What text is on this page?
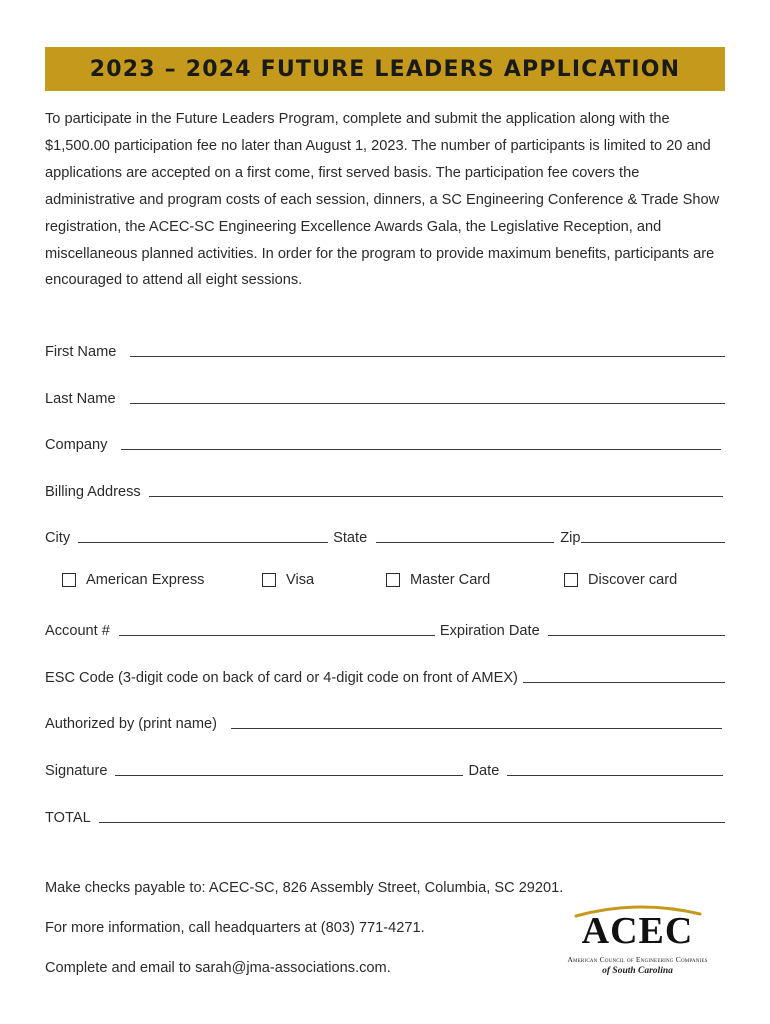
2023 – 2024 FUTURE LEADERS APPLICATION
To participate in the Future Leaders Program, complete and submit the application along with the $1,500.00 participation fee no later than August 1, 2023. The number of participants is limited to 20 and applications are accepted on a first come, first served basis. The participation fee covers the administrative and program costs of each session, dinners, a SC Engineering Conference & Trade Show registration, the ACEC-SC Engineering Excellence Awards Gala, the Legislative Reception, and miscellaneous planned activities. In order for the program to provide maximum benefits, participants are encouraged to attend all eight sessions.
First Name
Last Name
Company
Billing Address
City	State	Zip
American Express	Visa	Master Card	Discover card
Account #	Expiration Date
ESC Code (3-digit code on back of card or 4-digit code on front of AMEX)
Authorized by (print name)
Signature	Date
TOTAL
Make checks payable to: ACEC-SC, 826 Assembly Street, Columbia, SC 29201.
For more information, call headquarters at (803) 771-4271.
Complete and email to sarah@jma-associations.com.
ACEC
American Council of Engineering Companies
of South Carolina
